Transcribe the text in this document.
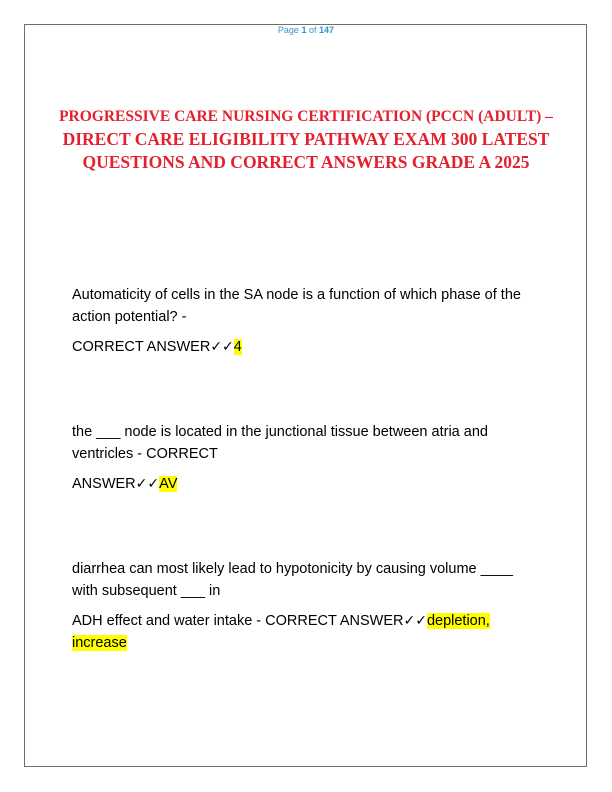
Page 1 of 147
PROGRESSIVE CARE NURSING CERTIFICATION (PCCN (ADULT) – DIRECT CARE ELIGIBILITY PATHWAY EXAM 300 LATEST QUESTIONS AND CORRECT ANSWERS GRADE A 2025

Automaticity of cells in the SA node is a function of which phase of the action potential? -

CORRECT ANSWER✓✓4

the ___ node is located in the junctional tissue between atria and ventricles - CORRECT

ANSWER✓✓AV

diarrhea can most likely lead to hypotonicity by causing volume ____ with subsequent ___ in

ADH effect and water intake - CORRECT ANSWER✓✓depletion, increase
